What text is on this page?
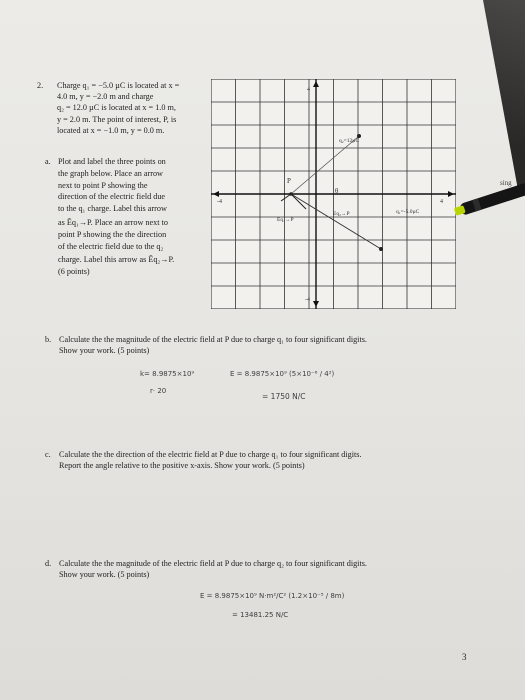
2. Charge q₁ = −5.0 µC is located at x =
4.0 m, y = −2.0 m and charge
q₂ = 12.0 µC is located at x = 1.0 m,
y = 2.0 m. The point of interest, P, is
located at x = −1.0 m, y = 0.0 m.
a. Plot and label the three points on
the graph below. Place an arrow
next to point P showing the
direction of the electric field due
to the q₁ charge. Label this arrow
as Ēq₁→P. Place an arrow next to
point P showing the the direction
of the electric field due to the q₂
charge. Label this arrow as Ēq₂→P.
(6 points)
4
-4
-4	4
P
q₁=-5.0µC
q₂=12µC
Eq₁→P
Eq₂→P
θ
b. Calculate the the magnitude of the electric field at P due to charge q₁ to four significant digits.
Show your work. (5 points)
k= 8.9875×10⁹
r· 20
E = 8.9875×10⁹ (5×10⁻⁶ / 4²)
= 1750 N/C
c. Calculate the the direction of the electric field at P due to charge q₁ to four significant digits.
Report the angle relative to the positive x-axis. Show your work. (5 points)
d. Calculate the the magnitude of the electric field at P due to charge q₂ to four significant digits.
Show your work. (5 points)
E = 8.9875×10⁹ N·m²/C² (1.2×10⁻⁵ / 8m)
= 13481.25 N/C
3
sing
